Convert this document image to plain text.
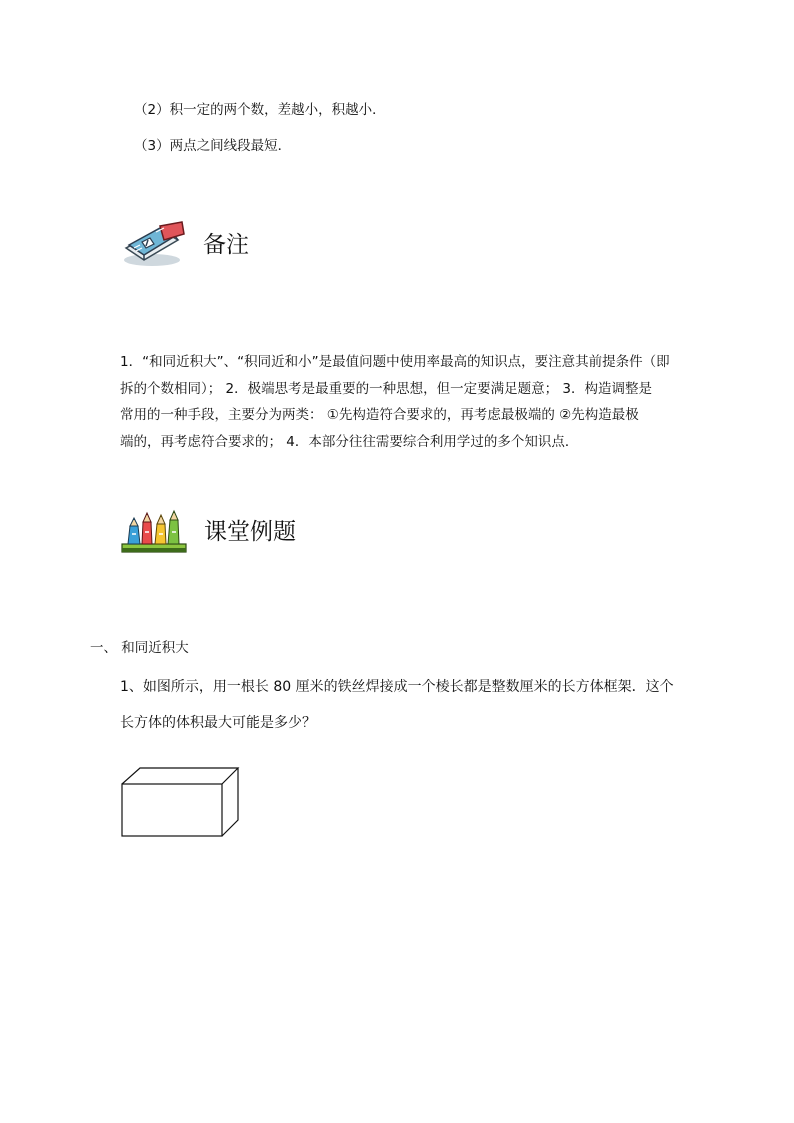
（2）积一定的两个数，差越小，积越小．
（3）两点之间线段最短．
备注
1．“和同近积大”、“积同近和小”是最值问题中使用率最高的知识点，要注意其前提条件（即
拆的个数相同）； 2．极端思考是最重要的一种思想，但一定要满足题意； 3．构造调整是
常用的一种手段，主要分为两类： ①先构造符合要求的，再考虑最极端的 ②先构造最极
端的，再考虑符合要求的； 4．本部分往往需要综合利用学过的多个知识点．
课堂例题
一、 和同近积大
1、如图所示，用一根长 80 厘米的铁丝焊接成一个棱长都是整数厘米的长方体框架．这个
长方体的体积最大可能是多少？
